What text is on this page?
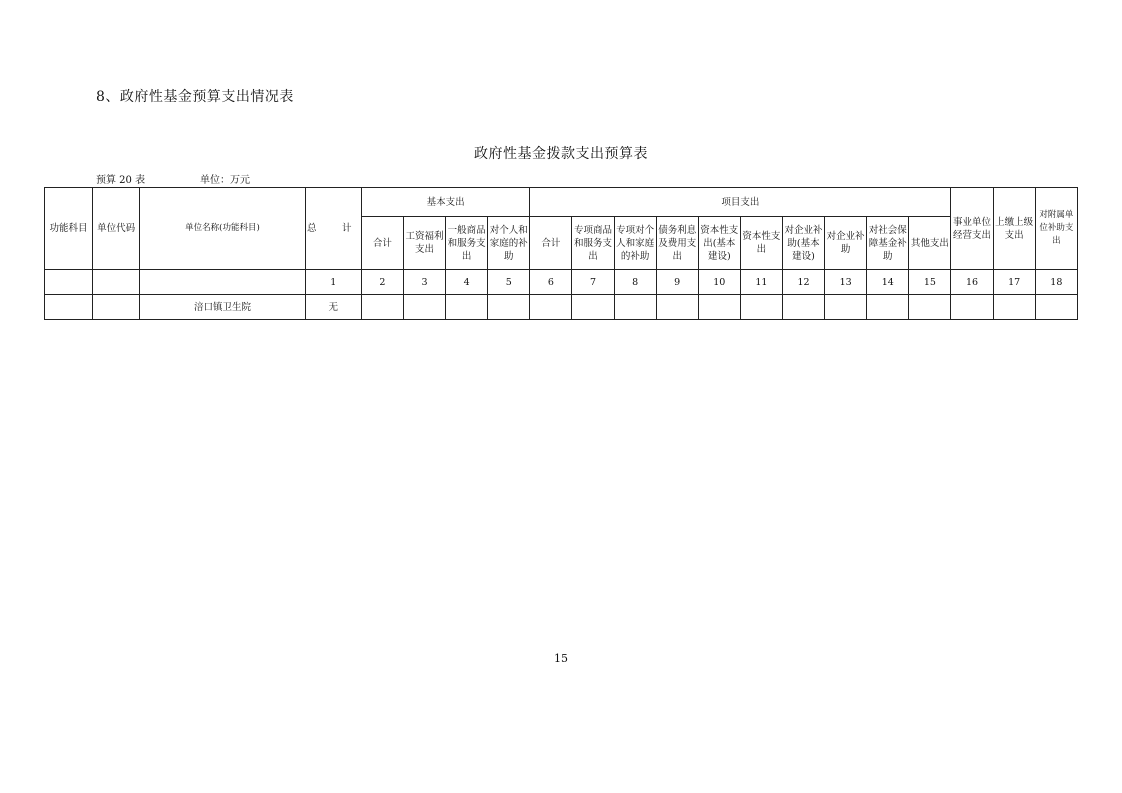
8、政府性基金预算支出情况表
政府性基金拨款支出预算表
预算 20 表	单位：万元
功能科目	单位代码	单位名称(功能科目)	总　计	基本支出				项目支出										事业单位经营支出	上缴上级支出	对附属单位补助支出
				合计	工资福利支出	一般商品和服务支出	对个人和家庭的补助	合计	专项商品和服务支出	专项对个人和家庭的补助	债务利息及费用支出	资本性支出(基本建设)	资本性支出	对企业补助(基本建设)	对企业补助	对社会保障基金补助	其他支出			
			1	2	3	4	5	6	7	8	9	10	11	12	13	14	15	16	17	18
		涪口镇卫生院	无																	
15
